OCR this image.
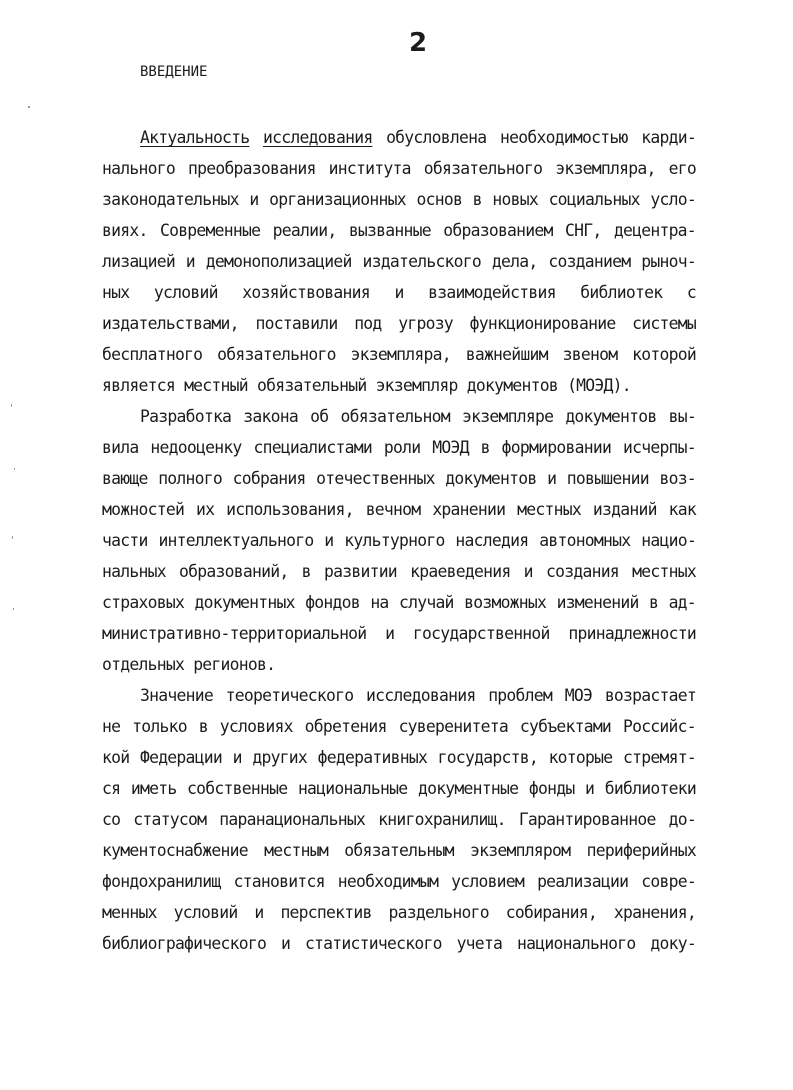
2
ВВЕДЕНИЕ
Актуальность исследования обусловлена необходимостью карди-
нального преобразования института обязательного экземпляра, его
законодательных и организационных основ в новых социальных усло-
виях. Современные реалии, вызванные образованием СНГ, децентра-
лизацией и демонополизацией издательского дела, созданием рыноч-
ных условий хозяйствования и взаимодействия библиотек с
издательствами, поставили под угрозу функционирование системы
бесплатного обязательного экземпляра, важнейшим звеном которой
является местный обязательный экземпляр документов (МОЭД).
Разработка закона об обязательном экземпляре документов вы-
вила недооценку специалистами роли МОЭД в формировании исчерпы-
вающе полного собрания отечественных документов и повышении воз-
можностей их использования, вечном хранении местных изданий как
части интеллектуального и культурного наследия автономных нацио-
нальных образований, в развитии краеведения и создания местных
страховых документных фондов на случай возможных изменений в ад-
министративно-территориальной и государственной принадлежности
отдельных регионов.
Значение теоретического исследования проблем МОЭ возрастает
не только в условиях обретения суверенитета субъектами Российс-
кой Федерации и других федеративных государств, которые стремят-
ся иметь собственные национальные документные фонды и библиотеки
со статусом паранациональных книгохранилищ. Гарантированное до-
кументоснабжение местным обязательным экземпляром периферийных
фондохранилищ становится необходимым условием реализации совре-
менных условий и перспектив раздельного собирания, хранения,
библиографического и статистического учета национального доку-
